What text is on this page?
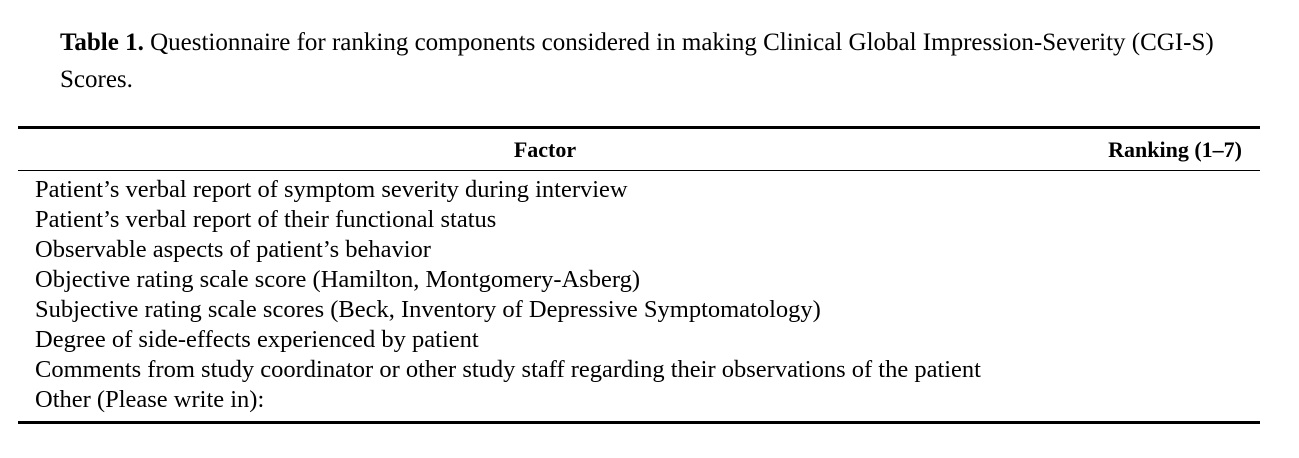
Table 1. Questionnaire for ranking components considered in making Clinical Global Impression-Severity (CGI-S) Scores.
Factor	Ranking (1–7)
Patient’s verbal report of symptom severity during interview
Patient’s verbal report of their functional status
Observable aspects of patient’s behavior
Objective rating scale score (Hamilton, Montgomery-Asberg)
Subjective rating scale scores (Beck, Inventory of Depressive Symptomatology)
Degree of side-effects experienced by patient
Comments from study coordinator or other study staff regarding their observations of the patient
Other (Please write in):
